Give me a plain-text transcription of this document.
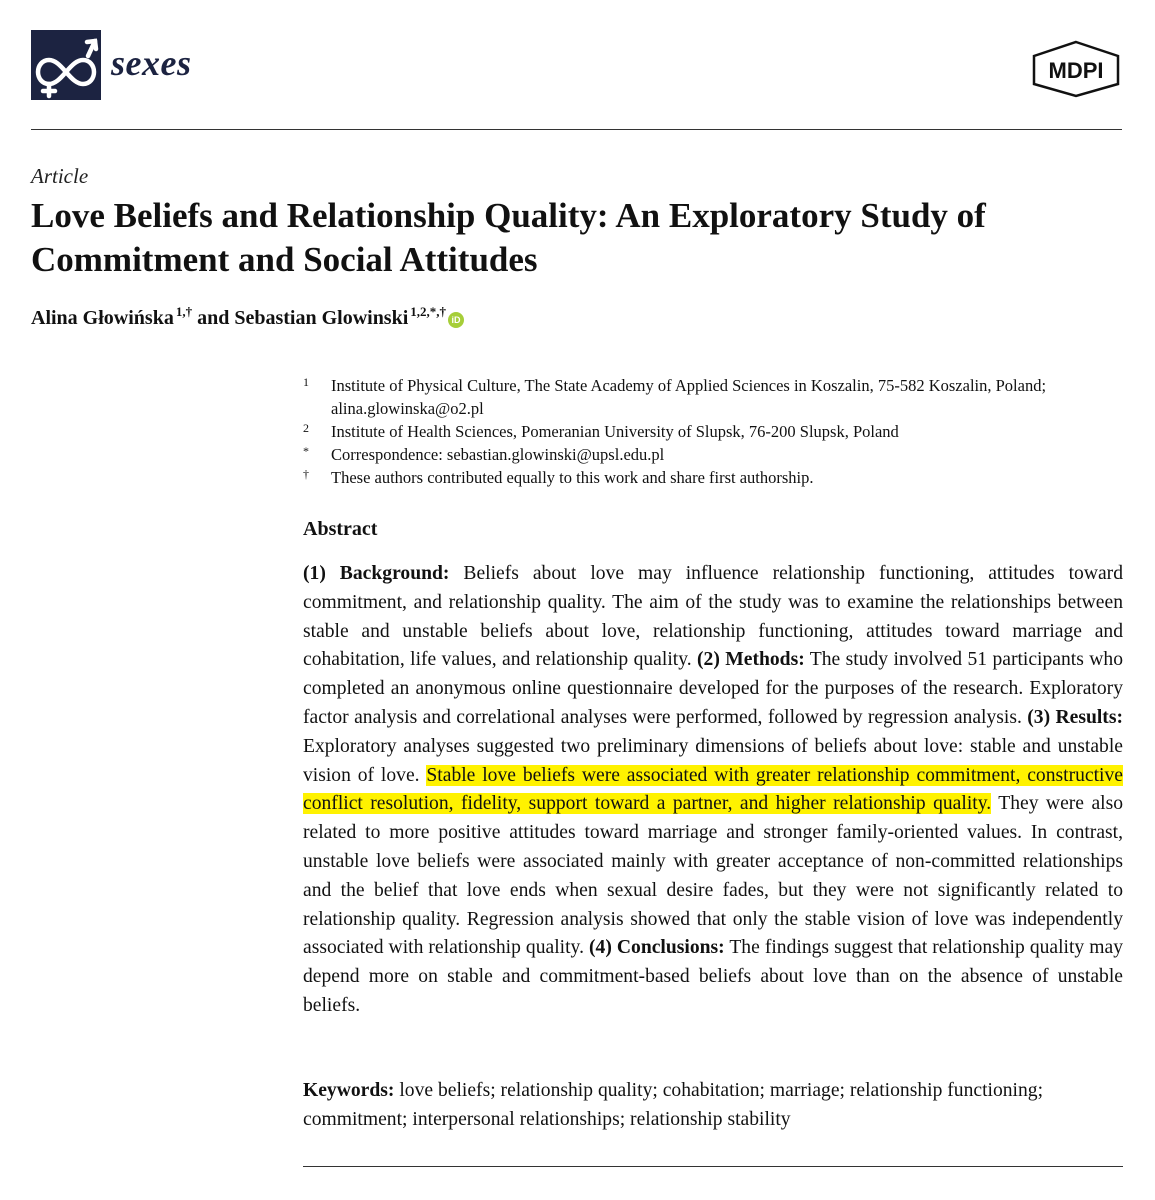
sexes	MDPI
Article
Love Beliefs and Relationship Quality: An Exploratory Study of Commitment and Social Attitudes
Alina Głowińska $^{1,\dagger}$ and Sebastian Glowinski $^{1,2,*,\dagger}$iD
1	Institute of Physical Culture, The State Academy of Applied Sciences in Koszalin, 75-582 Koszalin, Poland; alina.glowinska@o2.pl
2	Institute of Health Sciences, Pomeranian University of Slupsk, 76-200 Slupsk, Poland
*	Correspondence: sebastian.glowinski@upsl.edu.pl
†	These authors contributed equally to this work and share first authorship.
Abstract

(1) Background: Beliefs about love may influence relationship functioning, attitudes toward commitment, and relationship quality. The aim of the study was to examine the relationships between stable and unstable beliefs about love, relationship functioning, attitudes toward marriage and cohabitation, life values, and relationship quality. (2) Methods: The study involved 51 participants who completed an anonymous online questionnaire developed for the purposes of the research. Exploratory factor analysis and correlational analyses were performed, followed by regression analysis. (3) Results: Exploratory analyses suggested two preliminary dimensions of beliefs about love: stable and unstable vision of love. Stable love beliefs were associated with greater relationship commitment, constructive conflict resolution, fidelity, support toward a partner, and higher relationship quality. They were also related to more positive attitudes toward marriage and stronger family-oriented values. In contrast, unstable love beliefs were associated mainly with greater acceptance of non-committed relationships and the belief that love ends when sexual desire fades, but they were not significantly related to relationship quality. Regression analysis showed that only the stable vision of love was independently associated with relationship quality. (4) Conclusions: The findings suggest that relationship quality may depend more on stable and commitment-based beliefs about love than on the absence of unstable beliefs.

Keywords: love beliefs; relationship quality; cohabitation; marriage; relationship functioning; commitment; interpersonal relationships; relationship stability
